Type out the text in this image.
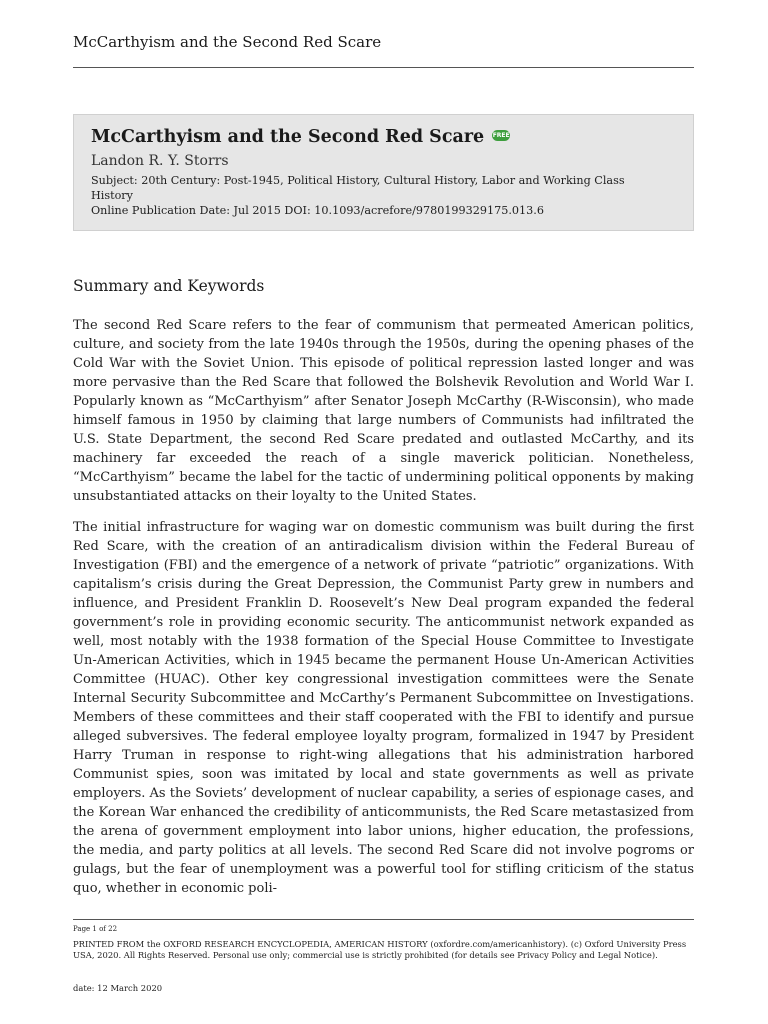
McCarthyism and the Second Red Scare
McCarthyism and the Second Red Scare FREE
Landon R. Y. Storrs
Subject: 20th Century: Post-1945, Political History, Cultural History, Labor and Working Class History
Online Publication Date: Jul 2015 DOI: 10.1093/acrefore/9780199329175.013.6
Summary and Keywords

The second Red Scare refers to the fear of communism that permeated American politics, culture, and society from the late 1940s through the 1950s, during the opening phases of the Cold War with the Soviet Union. This episode of political repression lasted longer and was more pervasive than the Red Scare that followed the Bolshevik Revolution and World War I. Popularly known as “McCarthyism” after Senator Joseph McCarthy (R-Wisconsin), who made himself famous in 1950 by claiming that large numbers of Communists had infiltrated the U.S. State Department, the second Red Scare predated and outlasted McCarthy, and its machinery far exceeded the reach of a single maverick politician. Nonetheless, “McCarthyism” became the label for the tactic of undermining political opponents by making unsubstantiated attacks on their loyalty to the United States.

The initial infrastructure for waging war on domestic communism was built during the first Red Scare, with the creation of an antiradicalism division within the Federal Bureau of Investigation (FBI) and the emergence of a network of private “patriotic” organizations. With capitalism’s crisis during the Great Depression, the Communist Party grew in numbers and influence, and President Franklin D. Roosevelt’s New Deal program expanded the federal government’s role in providing economic security. The anticommunist network expanded as well, most notably with the 1938 formation of the Special House Committee to Investigate Un-American Activities, which in 1945 became the permanent House Un-American Activities Committee (HUAC). Other key congressional investigation committees were the Senate Internal Security Subcommittee and McCarthy’s Permanent Subcommittee on Investigations. Members of these committees and their staff cooperated with the FBI to identify and pursue alleged subversives. The federal employee loyalty program, formalized in 1947 by President Harry Truman in response to right-wing allegations that his administration harbored Communist spies, soon was imitated by local and state governments as well as private employers. As the Soviets’ development of nuclear capability, a series of espionage cases, and the Korean War enhanced the credibility of anticommunists, the Red Scare metastasized from the arena of government employment into labor unions, higher education, the professions, the media, and party politics at all levels. The second Red Scare did not involve pogroms or gulags, but the fear of unemployment was a powerful tool for stifling criticism of the status quo, whether in economic poli-

Page 1 of 22
PRINTED FROM the OXFORD RESEARCH ENCYCLOPEDIA, AMERICAN HISTORY (oxfordre.com/americanhistory). (c) Oxford University Press USA, 2020. All Rights Reserved. Personal use only; commercial use is strictly prohibited (for details see Privacy Policy and Legal Notice).
date: 12 March 2020
